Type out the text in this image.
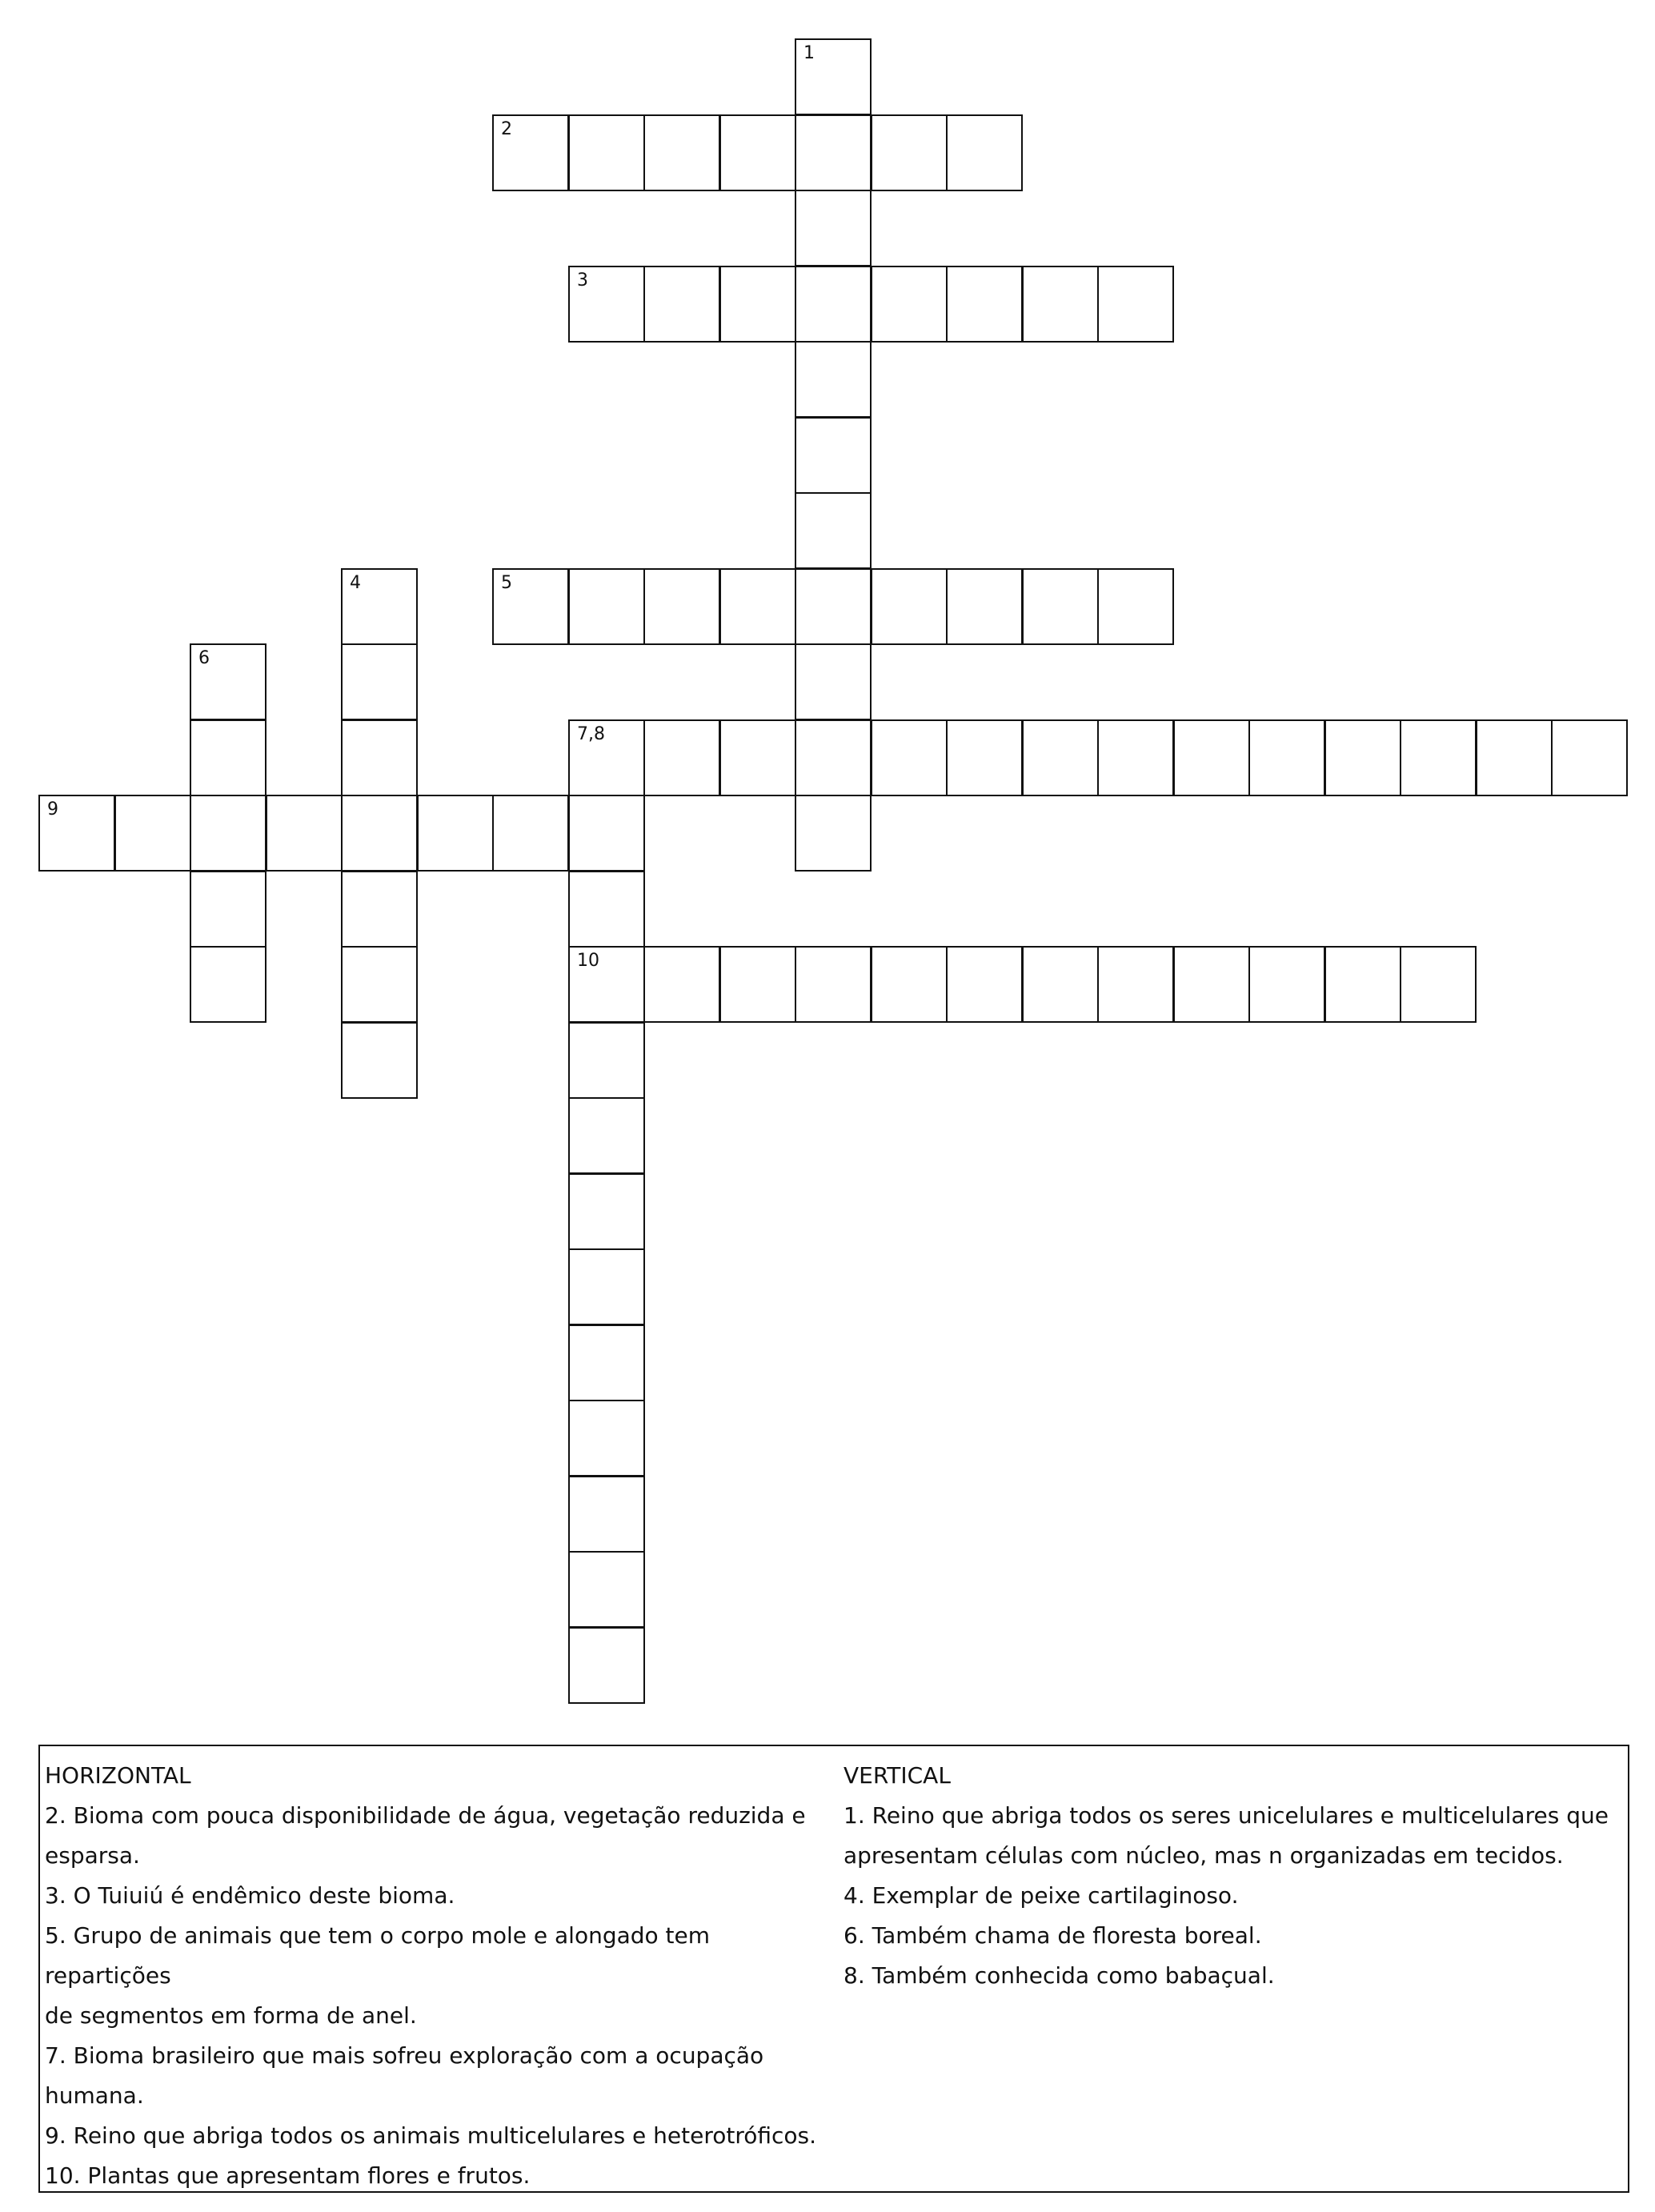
1
2
3
4	5
6
7,8
9
10
HORIZONTAL
2. Bioma com pouca disponibilidade de água, vegetação reduzida e
esparsa.
3. O Tuiuiú é endêmico deste bioma.
5. Grupo de animais que tem o corpo mole e alongado tem repartições
de segmentos em forma de anel.
7. Bioma brasileiro que mais sofreu exploração com a ocupação
humana.
9. Reino que abriga todos os animais multicelulares e heterotróficos.
10. Plantas que apresentam flores e frutos.
VERTICAL
1. Reino que abriga todos os seres unicelulares e multicelulares que
apresentam células com núcleo, mas n organizadas em tecidos.
4. Exemplar de peixe cartilaginoso.
6. Também chama de floresta boreal.
8. Também conhecida como babaçual.
